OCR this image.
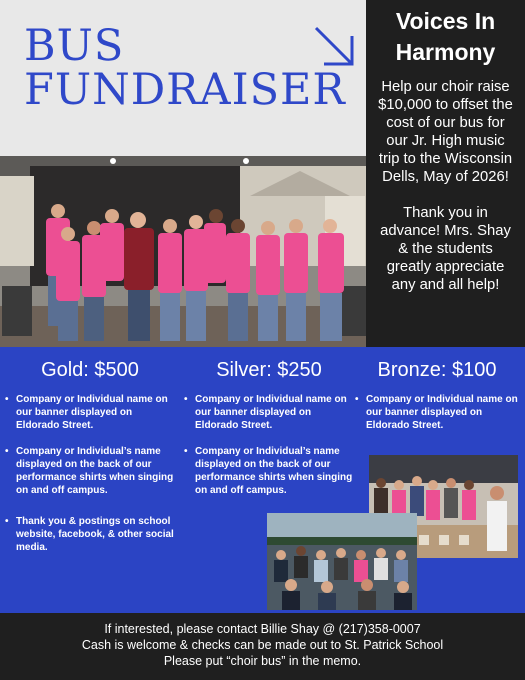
BUS
FUNDRAISER
Voices In
Harmony

Help our choir raise $10,000 to offset the cost of our bus for our Jr. High music trip to the Wisconsin Dells, May of 2026!

Thank you in advance! Mrs. Shay & the students greatly appreciate any and all help!

Gold: $500
• Company or Individual name on our banner displayed on Eldorado Street.
• Company or Individual’s name displayed on the back of our performance shirts when singing on and off campus.
• Thank you & postings on school website, facebook, & other social media.
Silver: $250
• Company or Individual name on our banner displayed on Eldorado Street.
• Company or Individual’s name displayed on the back of our performance shirts when singing on and off campus.
Bronze: $100
• Company or Individual name on our banner displayed on Eldorado Street.

If interested, please contact Billie Shay @ (217)358-0007

Cash is welcome & checks can be made out to St. Patrick School

Please put “choir bus” in the memo.
